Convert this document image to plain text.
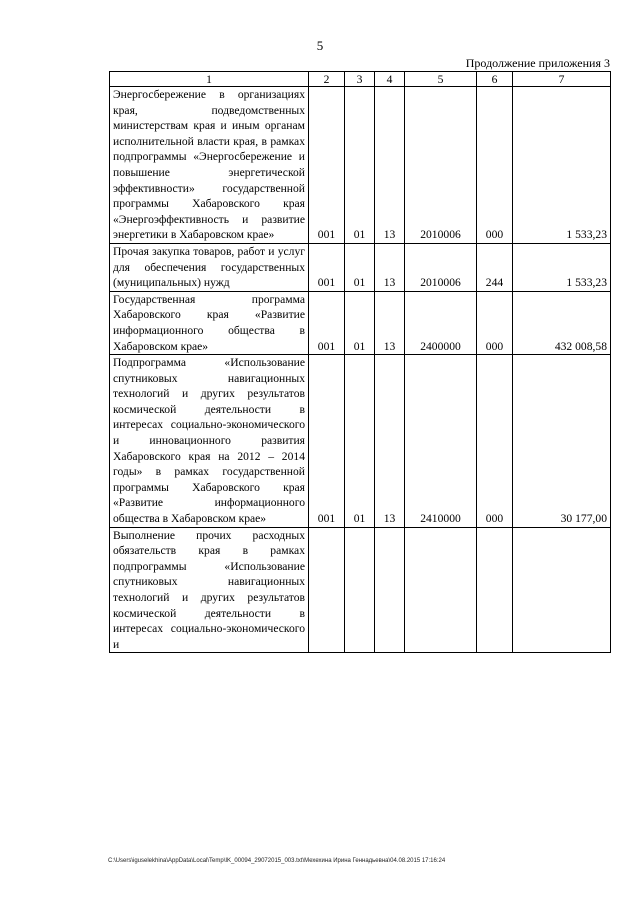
5
Продолжение приложения 3
1	2	3	4	5	6	7
Энергосбережение в организациях края, подведомственных министерствам края и иным органам исполнительной власти края, в рамках подпрограммы «Энергосбережение и повышение энергетической эффективности» государственной программы Хабаровского края «Энергоэффективность и развитие энергетики в Хабаровском крае»	001	01	13	2010006	000	1 533,23
Прочая закупка товаров, работ и услуг для обеспечения государственных (муниципальных) нужд	001	01	13	2010006	244	1 533,23
Государственная программа Хабаровского края «Развитие информационного общества в Хабаровском крае»	001	01	13	2400000	000	432 008,58
Подпрограмма «Использование спутниковых навигационных технологий и других результатов космической деятельности в интересах социально-экономического и инновационного развития Хабаровского края на 2012 – 2014 годы» в рамках государственной программы Хабаровского края «Развитие информационного общества в Хабаровском крае»	001	01	13	2410000	000	30 177,00
Выполнение прочих расходных обязательств края в рамках подпрограммы «Использование спутниковых навигационных технологий и других результатов космической деятельности в интересах социально-экономического и						
C:\Users\iguselekhina\AppData\Local\Temp\IK_00094_29072015_003.txt\Мехехина Ирина Геннадьевна\04.08.2015 17:16:24
